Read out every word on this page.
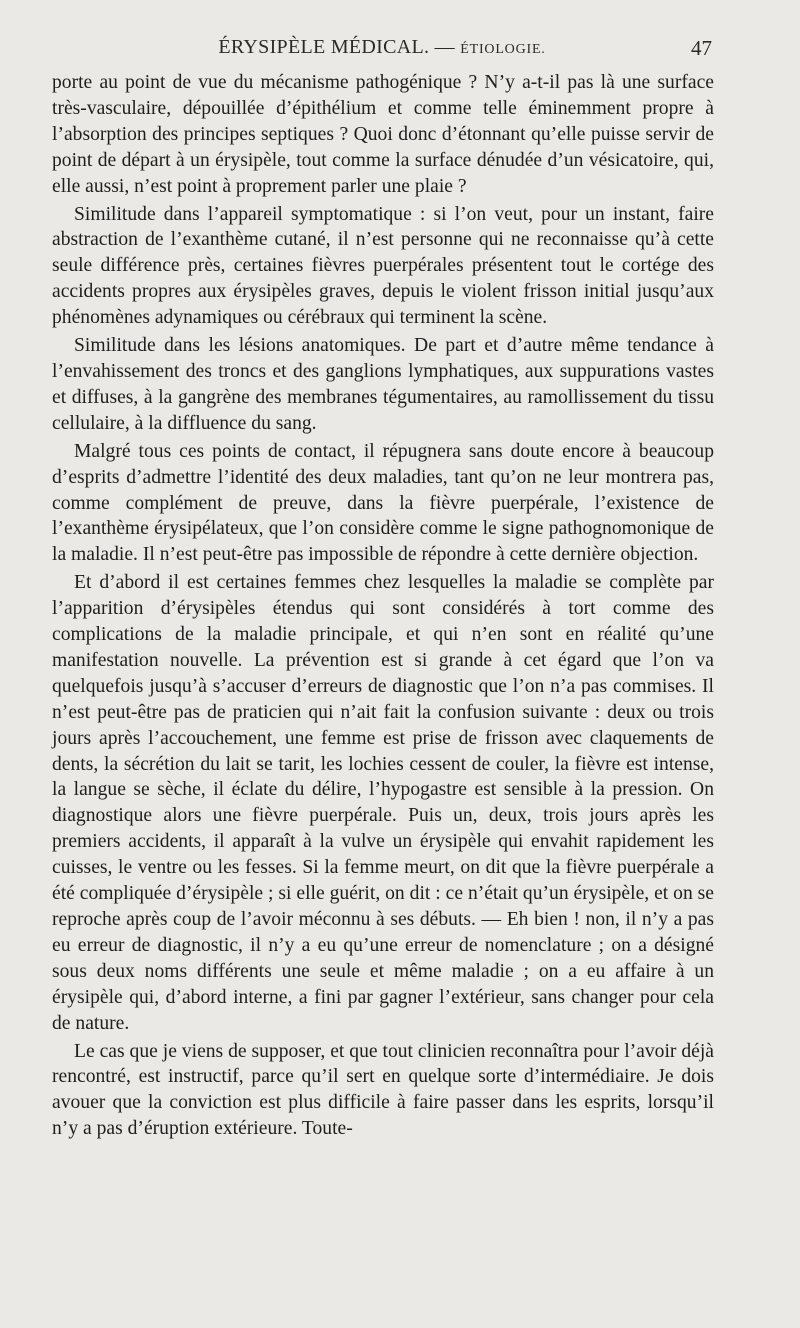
ÉRYSIPÈLE MÉDICAL. — ÉTIOLOGIE.	47

porte au point de vue du mécanisme pathogénique ? N’y a-t-il pas là une surface très-vasculaire, dépouillée d’épithélium et comme telle éminemment propre à l’absorption des principes septiques ? Quoi donc d’étonnant qu’elle puisse servir de point de départ à un érysipèle, tout comme la surface dénudée d’un vésicatoire, qui, elle aussi, n’est point à proprement parler une plaie ?

Similitude dans l’appareil symptomatique : si l’on veut, pour un instant, faire abstraction de l’exanthème cutané, il n’est personne qui ne reconnaisse qu’à cette seule différence près, certaines fièvres puerpérales présentent tout le cortége des accidents propres aux érysipèles graves, depuis le violent frisson initial jusqu’aux phénomènes adynamiques ou cérébraux qui terminent la scène.

Similitude dans les lésions anatomiques. De part et d’autre même tendance à l’envahissement des troncs et des ganglions lymphatiques, aux suppurations vastes et diffuses, à la gangrène des membranes tégumentaires, au ramollissement du tissu cellulaire, à la diffluence du sang.

Malgré tous ces points de contact, il répugnera sans doute encore à beaucoup d’esprits d’admettre l’identité des deux maladies, tant qu’on ne leur montrera pas, comme complément de preuve, dans la fièvre puerpérale, l’existence de l’exanthème érysipélateux, que l’on considère comme le signe pathognomonique de la maladie. Il n’est peut-être pas impossible de répondre à cette dernière objection.

Et d’abord il est certaines femmes chez lesquelles la maladie se complète par l’apparition d’érysipèles étendus qui sont considérés à tort comme des complications de la maladie principale, et qui n’en sont en réalité qu’une manifestation nouvelle. La prévention est si grande à cet égard que l’on va quelquefois jusqu’à s’accuser d’erreurs de diagnostic que l’on n’a pas commises. Il n’est peut-être pas de praticien qui n’ait fait la confusion suivante : deux ou trois jours après l’accouchement, une femme est prise de frisson avec claquements de dents, la sécrétion du lait se tarit, les lochies cessent de couler, la fièvre est intense, la langue se sèche, il éclate du délire, l’hypogastre est sensible à la pression. On diagnostique alors une fièvre puerpérale. Puis un, deux, trois jours après les premiers accidents, il apparaît à la vulve un érysipèle qui envahit rapidement les cuisses, le ventre ou les fesses. Si la femme meurt, on dit que la fièvre puerpérale a été compliquée d’érysipèle ; si elle guérit, on dit : ce n’était qu’un érysipèle, et on se reproche après coup de l’avoir méconnu à ses débuts. — Eh bien ! non, il n’y a pas eu erreur de diagnostic, il n’y a eu qu’une erreur de nomenclature ; on a désigné sous deux noms différents une seule et même maladie ; on a eu affaire à un érysipèle qui, d’abord interne, a fini par gagner l’extérieur, sans changer pour cela de nature.

Le cas que je viens de supposer, et que tout clinicien reconnaîtra pour l’avoir déjà rencontré, est instructif, parce qu’il sert en quelque sorte d’intermédiaire. Je dois avouer que la conviction est plus difficile à faire passer dans les esprits, lorsqu’il n’y a pas d’éruption extérieure. Toute-
